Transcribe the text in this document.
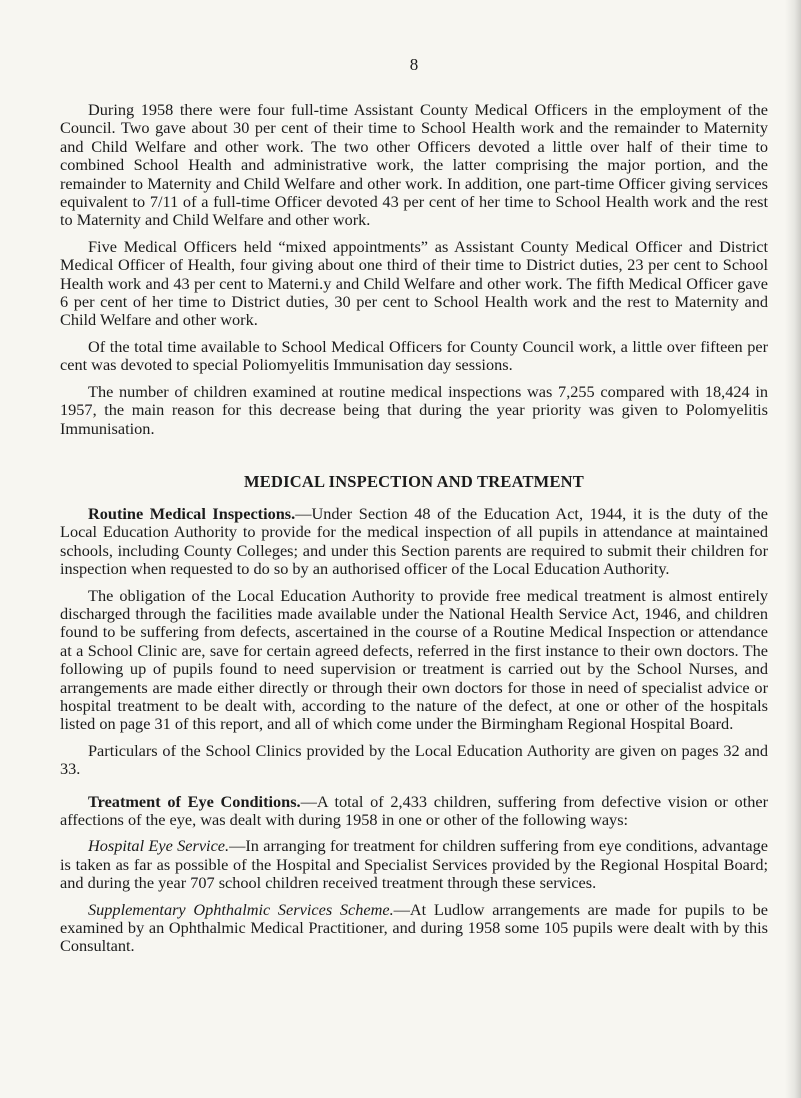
8

During 1958 there were four full-time Assistant County Medical Officers in the employment of the Council. Two gave about 30 per cent of their time to School Health work and the remainder to Maternity and Child Welfare and other work. The two other Officers devoted a little over half of their time to combined School Health and administrative work, the latter comprising the major portion, and the remainder to Maternity and Child Welfare and other work. In addition, one part-time Officer giving services equivalent to 7/11 of a full-time Officer devoted 43 per cent of her time to School Health work and the rest to Maternity and Child Welfare and other work.

Five Medical Officers held “mixed appointments” as Assistant County Medical Officer and District Medical Officer of Health, four giving about one third of their time to District duties, 23 per cent to School Health work and 43 per cent to Materni.y and Child Welfare and other work. The fifth Medical Officer gave 6 per cent of her time to District duties, 30 per cent to School Health work and the rest to Maternity and Child Welfare and other work.

Of the total time available to School Medical Officers for County Council work, a little over fifteen per cent was devoted to special Poliomyelitis Immunisation day sessions.

The number of children examined at routine medical inspections was 7,255 compared with 18,424 in 1957, the main reason for this decrease being that during the year priority was given to Polomyelitis Immunisation.

MEDICAL INSPECTION AND TREATMENT

Routine Medical Inspections.—Under Section 48 of the Education Act, 1944, it is the duty of the Local Education Authority to provide for the medical inspection of all pupils in attendance at maintained schools, including County Colleges; and under this Section parents are required to submit their children for inspection when requested to do so by an authorised officer of the Local Education Authority.

The obligation of the Local Education Authority to provide free medical treatment is almost entirely discharged through the facilities made available under the National Health Service Act, 1946, and children found to be suffering from defects, ascertained in the course of a Routine Medical Inspection or attendance at a School Clinic are, save for certain agreed defects, referred in the first instance to their own doctors. The following up of pupils found to need supervision or treatment is carried out by the School Nurses, and arrangements are made either directly or through their own doctors for those in need of specialist advice or hospital treatment to be dealt with, according to the nature of the defect, at one or other of the hospitals listed on page 31 of this report, and all of which come under the Birmingham Regional Hospital Board.

Particulars of the School Clinics provided by the Local Education Authority are given on pages 32 and 33.

Treatment of Eye Conditions.—A total of 2,433 children, suffering from defective vision or other affections of the eye, was dealt with during 1958 in one or other of the following ways:

Hospital Eye Service.—In arranging for treatment for children suffering from eye conditions, advantage is taken as far as possible of the Hospital and Specialist Services provided by the Regional Hospital Board; and during the year 707 school children received treatment through these services.

Supplementary Ophthalmic Services Scheme.—At Ludlow arrangements are made for pupils to be examined by an Ophthalmic Medical Practitioner, and during 1958 some 105 pupils were dealt with by this Consultant.
